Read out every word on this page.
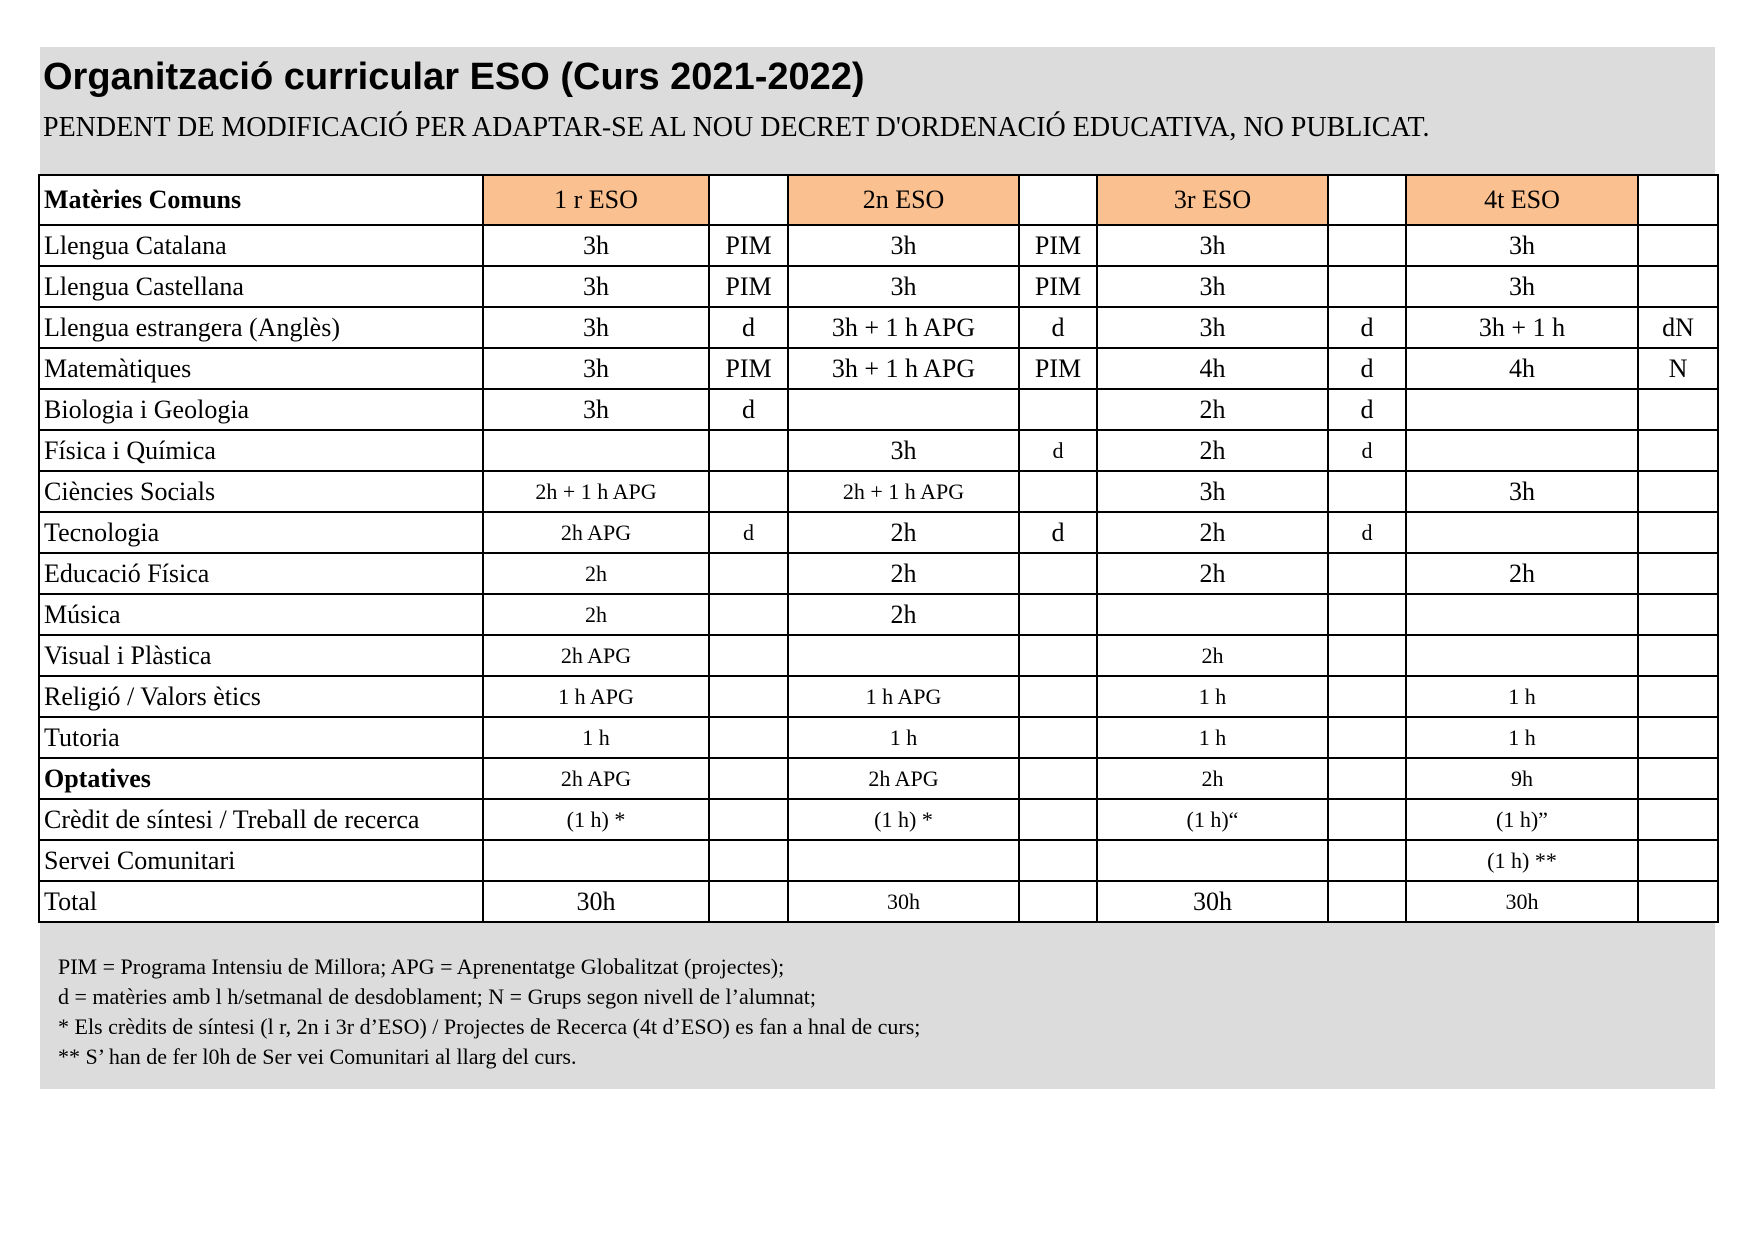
Organització curricular ESO (Curs 2021-2022)
PENDENT DE MODIFICACIÓ PER ADAPTAR-SE AL NOU DECRET D'ORDENACIÓ EDUCATIVA, NO PUBLICAT.
Matèries Comuns	1 r ESO		2n ESO		3r ESO		4t ESO	
Llengua Catalana	3h	PIM	3h	PIM	3h		3h	
Llengua Castellana	3h	PIM	3h	PIM	3h		3h	
Llengua estrangera (Anglès)	3h	d	3h + 1 h APG	d	3h	d	3h + 1 h	dN
Matemàtiques	3h	PIM	3h + 1 h APG	PIM	4h	d	4h	N
Biologia i Geologia	3h	d			2h	d		
Física i Química			3h	d	2h	d		
Ciències Socials	2h + 1 h APG		2h + 1 h APG		3h		3h	
Tecnologia	2h APG	d	2h	d	2h	d		
Educació Física	2h		2h		2h		2h	
Música	2h		2h					
Visual i Plàstica	2h APG				2h			
Religió / Valors ètics	1 h APG		1 h APG		1 h		1 h	
Tutoria	1 h		1 h		1 h		1 h	
Optatives	2h APG		2h APG		2h		9h	
Crèdit de síntesi / Treball de recerca	(1 h) *		(1 h) *		(1 h)“		(1 h)”	
Servei Comunitari							(1 h) **	
Total	30h		30h		30h		30h	
PIM = Programa Intensiu de Millora; APG = Aprenentatge Globalitzat (projectes);
d = matèries amb l h/setmanal de desdoblament; N = Grups segon nivell de l’alumnat;
* Els crèdits de síntesi (l r, 2n i 3r d’ESO) / Projectes de Recerca (4t d’ESO) es fan a hnal de curs;
** S’ han de fer l0h de Ser vei Comunitari al llarg del curs.
